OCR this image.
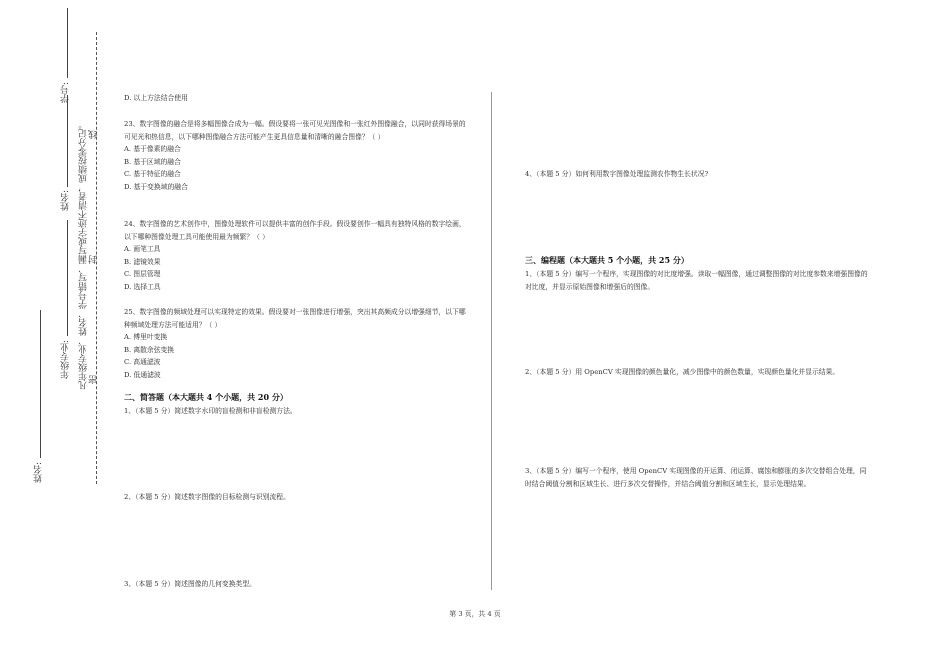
学号:
姓名:
年级专业:
姓名:
凡年级专业、姓名、学号错写、漏写或字迹不清者，成绩按零分记。 线
封
密
D. 以上方法结合使用
23、数字图像的融合是将多幅图像合成为一幅。假设要将一张可见光图像和一张红外图像融合，以同时获得场景的可见光和热信息，以下哪种图像融合方法可能产生更具信息量和清晰的融合图像？（ ）
A. 基于像素的融合
B. 基于区域的融合
C. 基于特征的融合
D. 基于变换域的融合
24、数字图像的艺术创作中，图像处理软件可以提供丰富的创作手段。假设要创作一幅具有独特风格的数字绘画，以下哪种图像处理工具可能使用最为频繁？（ ）
A. 画笔工具
B. 滤镜效果
C. 图层管理
D. 选择工具
25、数字图像的频域处理可以实现特定的效果。假设要对一张图像进行增强，突出其高频成分以增强细节，以下哪种频域处理方法可能适用？（ ）
A. 傅里叶变换
B. 离散余弦变换
C. 高通滤波
D. 低通滤波
二、简答题（本大题共 4 个小题，共 20 分）
1、（本题 5 分）简述数字水印的盲检测和非盲检测方法。
2、（本题 5 分）简述数字图像的目标检测与识别流程。
3、（本题 5 分）简述图像的几何变换类型。
4、（本题 5 分）如何利用数字图像处理监测农作物生长状况?
三、编程题（本大题共 5 个小题，共 25 分）
1、（本题 5 分）编写一个程序，实现图像的对比度增强。读取一幅图像，通过调整图像的对比度参数来增强图像的对比度，并显示原始图像和增强后的图像。
2、（本题 5 分）用 OpenCV 实现图像的颜色量化，减少图像中的颜色数量，实现颜色量化并显示结果。
3、（本题 5 分）编写一个程序，使用 OpenCV 实现图像的开运算、闭运算、腐蚀和膨胀的多次交替组合处理，同时结合阈值分割和区域生长、进行多次交替操作，并结合阈值分割和区域生长，显示处理结果。
第 3 页，共 4 页
